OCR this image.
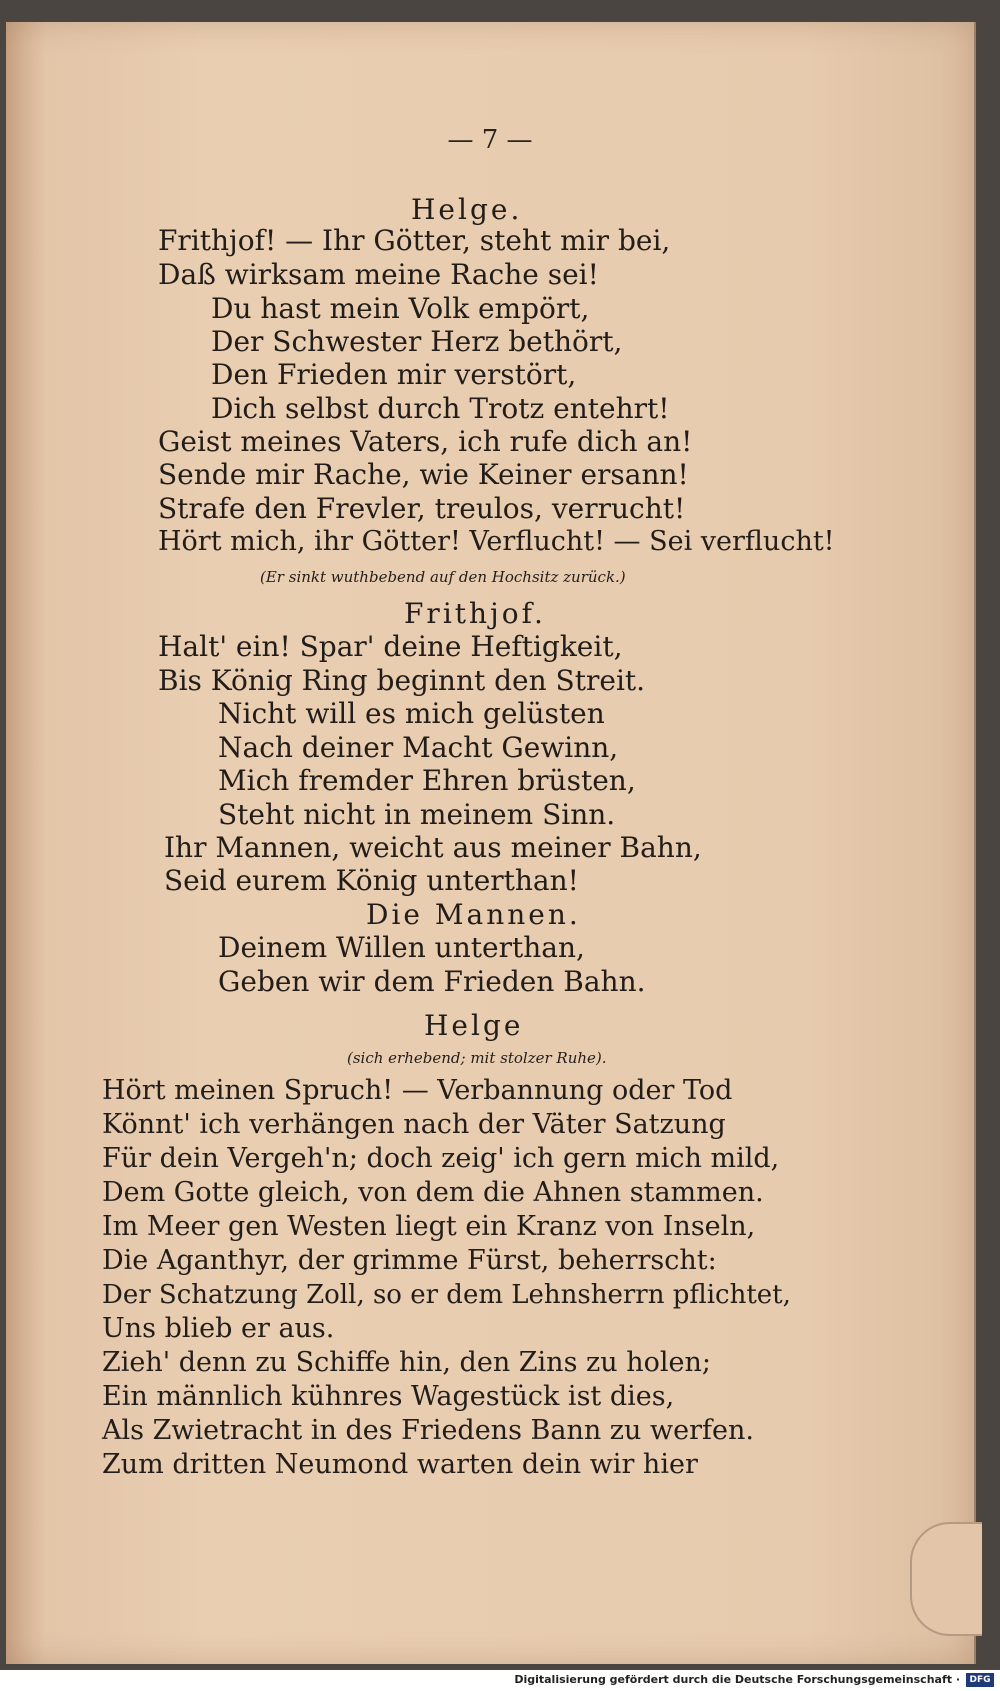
— 7 —
Helge.
Frithjof! — Ihr Götter, steht mir bei,
Daß wirksam meine Rache sei!
Du hast mein Volk empört,
Der Schwester Herz bethört,
Den Frieden mir verstört,
Dich selbst durch Trotz entehrt!
Geist meines Vaters, ich rufe dich an!
Sende mir Rache, wie Keiner ersann!
Strafe den Frevler, treulos, verrucht!
Hört mich, ihr Götter! Verflucht! — Sei verflucht!
(Er sinkt wuthbebend auf den Hochsitz zurück.)
Frithjof.
Halt' ein! Spar' deine Heftigkeit,
Bis König Ring beginnt den Streit.
Nicht will es mich gelüsten
Nach deiner Macht Gewinn,
Mich fremder Ehren brüsten,
Steht nicht in meinem Sinn.
Ihr Mannen, weicht aus meiner Bahn,
Seid eurem König unterthan!
Die Mannen.
Deinem Willen unterthan,
Geben wir dem Frieden Bahn.
Helge
(sich erhebend; mit stolzer Ruhe).
Hört meinen Spruch! — Verbannung oder Tod
Könnt' ich verhängen nach der Väter Satzung
Für dein Vergeh'n; doch zeig' ich gern mich mild,
Dem Gotte gleich, von dem die Ahnen stammen.
Im Meer gen Westen liegt ein Kranz von Inseln,
Die Aganthyr, der grimme Fürst, beherrscht:
Der Schatzung Zoll, so er dem Lehnsherrn pflichtet,
Uns blieb er aus.
Zieh' denn zu Schiffe hin, den Zins zu holen;
Ein männlich kühnres Wagestück ist dies,
Als Zwietracht in des Friedens Bann zu werfen.
Zum dritten Neumond warten dein wir hier
Digitalisierung gefördert durch die Deutsche Forschungsgemeinschaft ·	DFG
